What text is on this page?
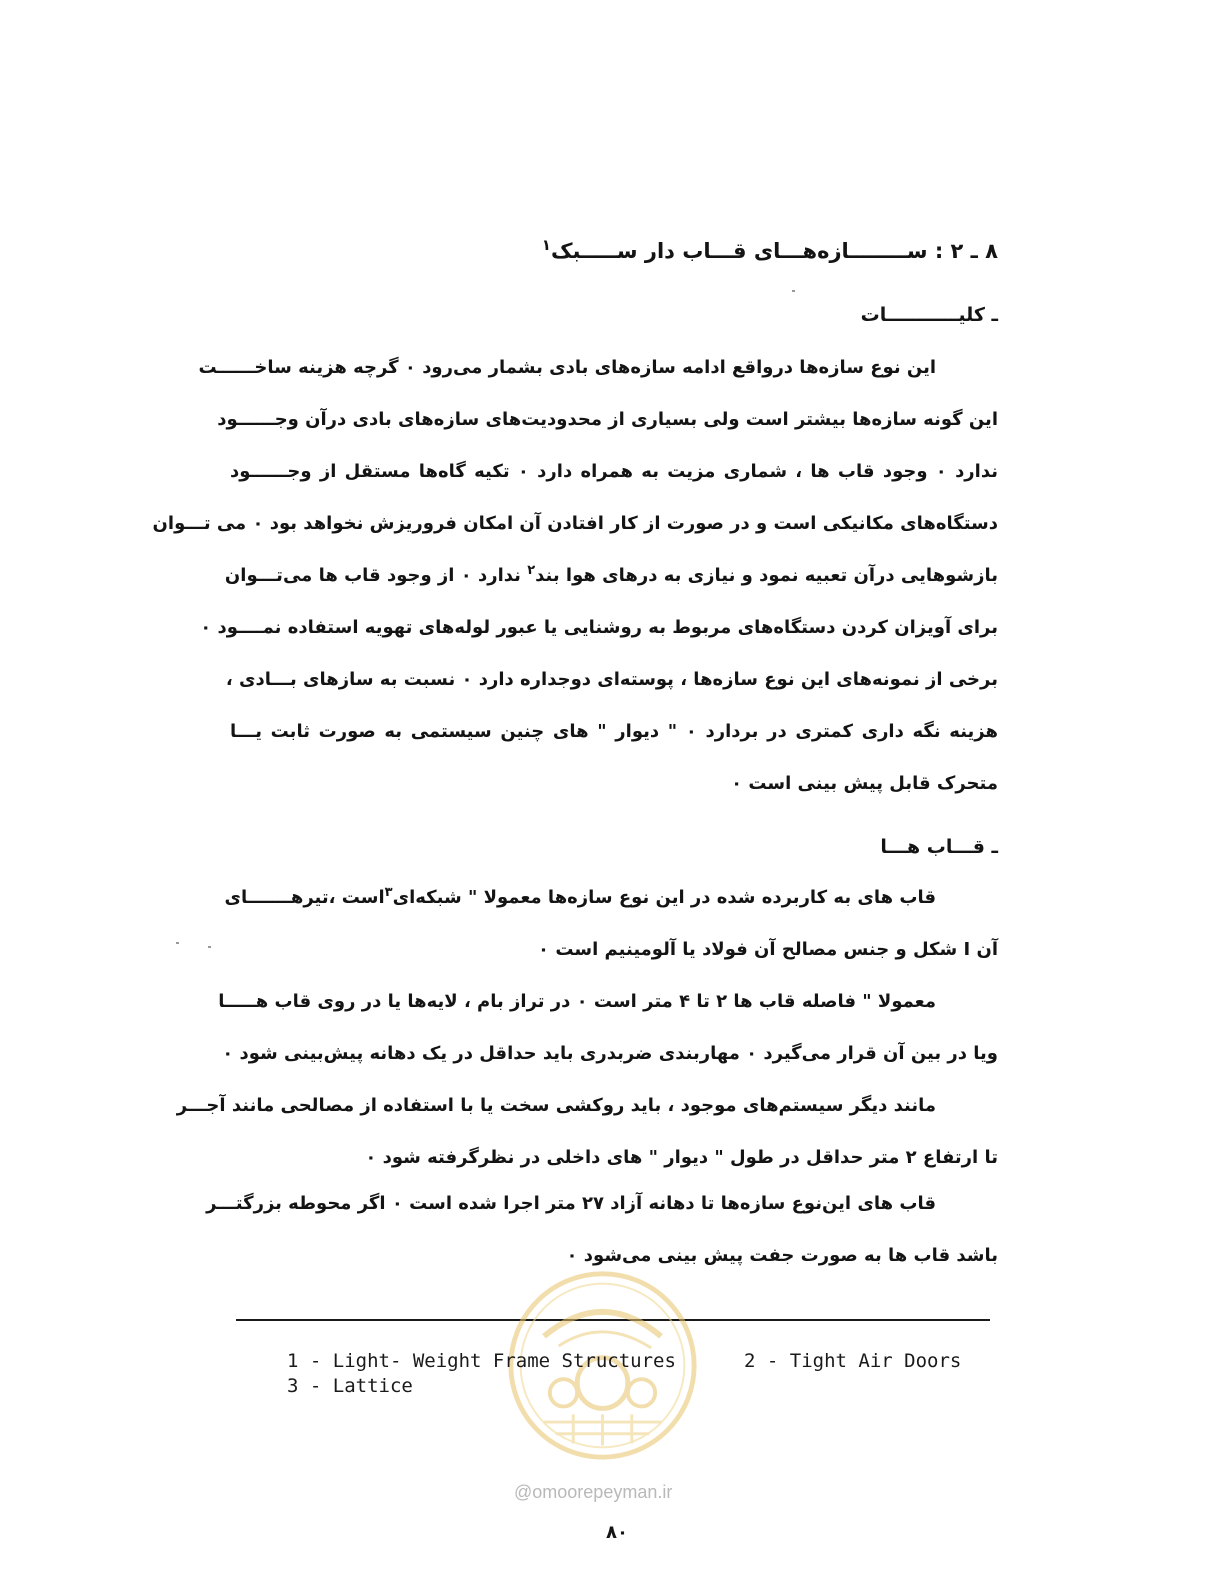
۸ ـ ۲ : ســــــــازه‌هـــای قـــاب دار ســـــبک$^۱$
ـ کلیـــــــــــات
این نوع سازه‌ها درواقع ادامه سازه‌های بادی بشمار می‌رود ۰ گرچه هزینه ساخــــــت
این گونه سازه‌ها بیشتر است ولی بسیاری از محدودیت‌های سازه‌های بادی درآن وجــــــود
ندارد ۰ وجود قاب ها ، شماری مزیت به همراه دارد ۰ تکیه گاه‌ها مستقل از وجــــــود
دستگاه‌های مکانیکی است و در صورت از کار افتادن آن امکان فروریزش نخواهد بود ۰ می تـــوان
بازشوهایی درآن تعبیه نمود و نیازی به درهای هوا بند
$^۲$ ندارد ۰ از وجود قاب ها می‌تـــوان
برای آویزان کردن دستگاه‌های مربوط به روشنایی یا عبور لوله‌های تهویه استفاده نمــــود ۰
برخی از نمونه‌های این نوع سازه‌ها ، پوسته‌ای دوجداره دارد ۰ نسبت به سازهای بـــادی ،
هزینه نگه داری کمتری در بردارد ۰ " دیوار " های چنین سیستمی به صورت ثابت یـــا
متحرک قابل پیش بینی است ۰
ـ قـــاب هـــا
قاب های به کاربرده شده در این نوع سازه‌ها معمولا " شبکه‌ای$^۳$
است ،تیرهـــــــای
آن I شکل و جنس مصالح آن فولاد یا آلومینیم است ۰
معمولا " فاصله قاب ها ۲ تا ۴ متر است ۰ در تراز بام ، لایه‌ها یا در روی قاب هـــــا
ویا در بین آن قرار می‌گیرد ۰ مهاربندی ضربدری باید حداقل در یک دهانه پیش‌بینی شود ۰
مانند دیگر سیستم‌های موجود ، باید روکشی سخت یا با استفاده از مصالحی مانند آجـــر
تا ارتفاع ۲ متر حداقل در طول " دیوار " های داخلی در نظرگرفته شود ۰
قاب های این‌نوع سازه‌ها تا دهانه آزاد ۲۷ متر اجرا شده است ۰ اگر محوطه بزرگتـــر
باشد قاب ها به صورت جفت پیش بینی می‌شود ۰
1 - Light- Weight Frame Structures	2 - Tight Air Doors
3 - Lattice
@omoorepeyman.ir
۸۰
